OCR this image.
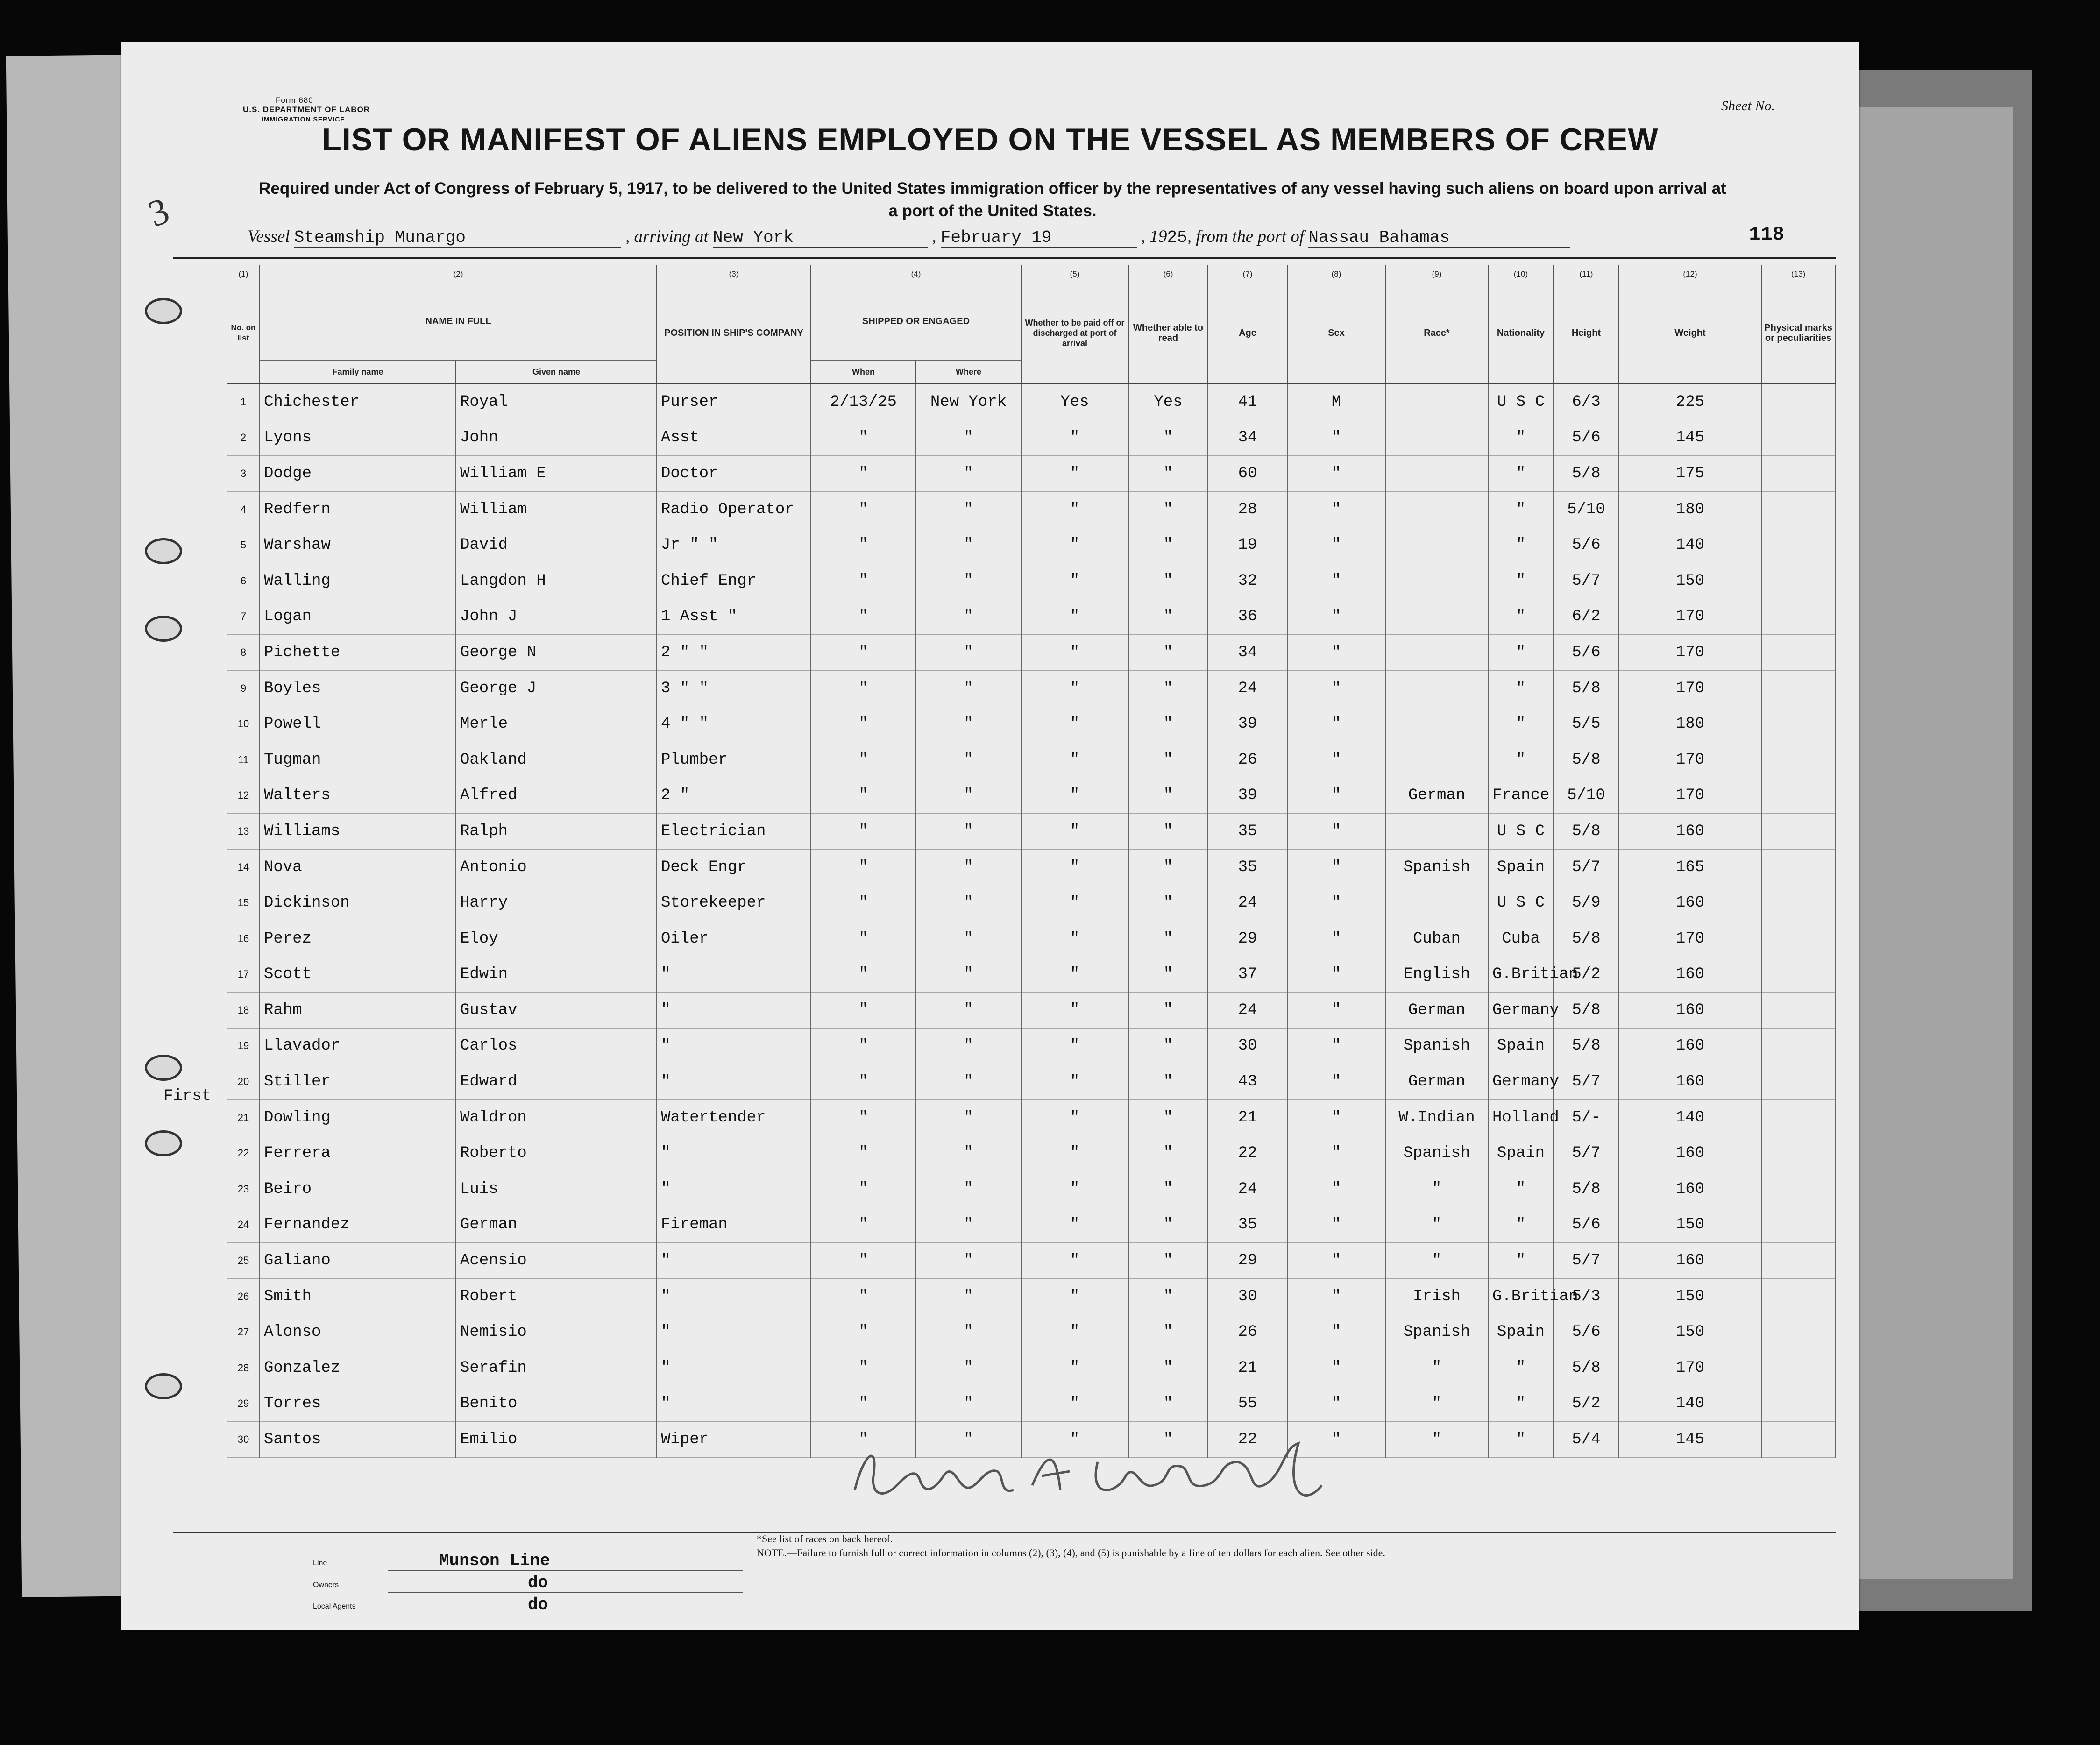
Form 680
U.S. DEPARTMENT OF LABOR
IMMIGRATION SERVICE
Sheet No.
3
LIST OR MANIFEST OF ALIENS EMPLOYED ON THE VESSEL AS MEMBERS OF CREW
Required under Act of Congress of February 5, 1917, to be delivered to the United States immigration officer by the representatives of any vessel having such aliens on board upon arrival at a port of the United States.
Vessel Steamship Munargo	, arriving at New York	, February 19	, 1925, from the port of Nassau Bahamas	118
(1)	(2)		(3)	(4)		(5)	(6)	(7)	(8)	(9)	(10)	(11)	(12)	(13)
No. on list	NAME IN FULL		POSITION IN SHIP'S COMPANY	SHIPPED OR ENGAGED		Whether to be paid off or discharged at port of arrival	Whether able to read	Age	Sex	Race*	Nationality	Height	Weight	Physical marks or peculiarities
	Family name	Given name		When	Where									
1	Chichester	Royal	Purser	2/13/25	New York	Yes	Yes	41	M		U S C	6/3	225	
2	Lyons	John	Asst	"	"	"	"	34	"		"	5/6	145	
3	Dodge	William E	Doctor	"	"	"	"	60	"		"	5/8	175	
4	Redfern	William	Radio Operator	"	"	"	"	28	"		"	5/10	180	
5	Warshaw	David	Jr " "	"	"	"	"	19	"		"	5/6	140	
6	Walling	Langdon H	Chief Engr	"	"	"	"	32	"		"	5/7	150	
7	Logan	John J	1 Asst "	"	"	"	"	36	"		"	6/2	170	
8	Pichette	George N	2 " "	"	"	"	"	34	"		"	5/6	170	
9	Boyles	George J	3 " "	"	"	"	"	24	"		"	5/8	170	
10	Powell	Merle	4 " "	"	"	"	"	39	"		"	5/5	180	
11	Tugman	Oakland	Plumber	"	"	"	"	26	"		"	5/8	170	
12	Walters	Alfred	2 "	"	"	"	"	39	"	German	France	5/10	170	
13	Williams	Ralph	Electrician	"	"	"	"	35	"		U S C	5/8	160	
14	Nova	Antonio	Deck Engr	"	"	"	"	35	"	Spanish	Spain	5/7	165	
15	Dickinson	Harry	Storekeeper	"	"	"	"	24	"		U S C	5/9	160	
16	Perez	Eloy	Oiler	"	"	"	"	29	"	Cuban	Cuba	5/8	170	
17	Scott	Edwin	"	"	"	"	"	37	"	English	G.Britian	5/2	160	
18	Rahm	Gustav	"	"	"	"	"	24	"	German	Germany	5/8	160	
19	Llavador	Carlos	"	"	"	"	"	30	"	Spanish	Spain	5/8	160	
20	Stiller	Edward	"	"	"	"	"	43	"	German	Germany	5/7	160	
21	Dowling	Waldron	Watertender	"	"	"	"	21	"	W.Indian	Holland	5/-	140	
22	Ferrera	Roberto	"	"	"	"	"	22	"	Spanish	Spain	5/7	160	
23	Beiro	Luis	"	"	"	"	"	24	"	"	"	5/8	160	
24	Fernandez	German	Fireman	"	"	"	"	35	"	"	"	5/6	150	
25	Galiano	Acensio	"	"	"	"	"	29	"	"	"	5/7	160	
26	Smith	Robert	"	"	"	"	"	30	"	Irish	G.Britian	5/3	150	
27	Alonso	Nemisio	"	"	"	"	"	26	"	Spanish	Spain	5/6	150	
28	Gonzalez	Serafin	"	"	"	"	"	21	"	"	"	5/8	170	
29	Torres	Benito	"	"	"	"	"	55	"	"	"	5/2	140	
30	Santos	Emilio	Wiper	"	"	"	"	22	"	"	"	5/4	145	
First
Line	Munson Line
Owners	do
Local Agents	do
*See list of races on back hereof.
NOTE.—Failure to furnish full or correct information in columns (2), (3), (4), and (5) is punishable by a fine of ten dollars for each alien. See other side.
